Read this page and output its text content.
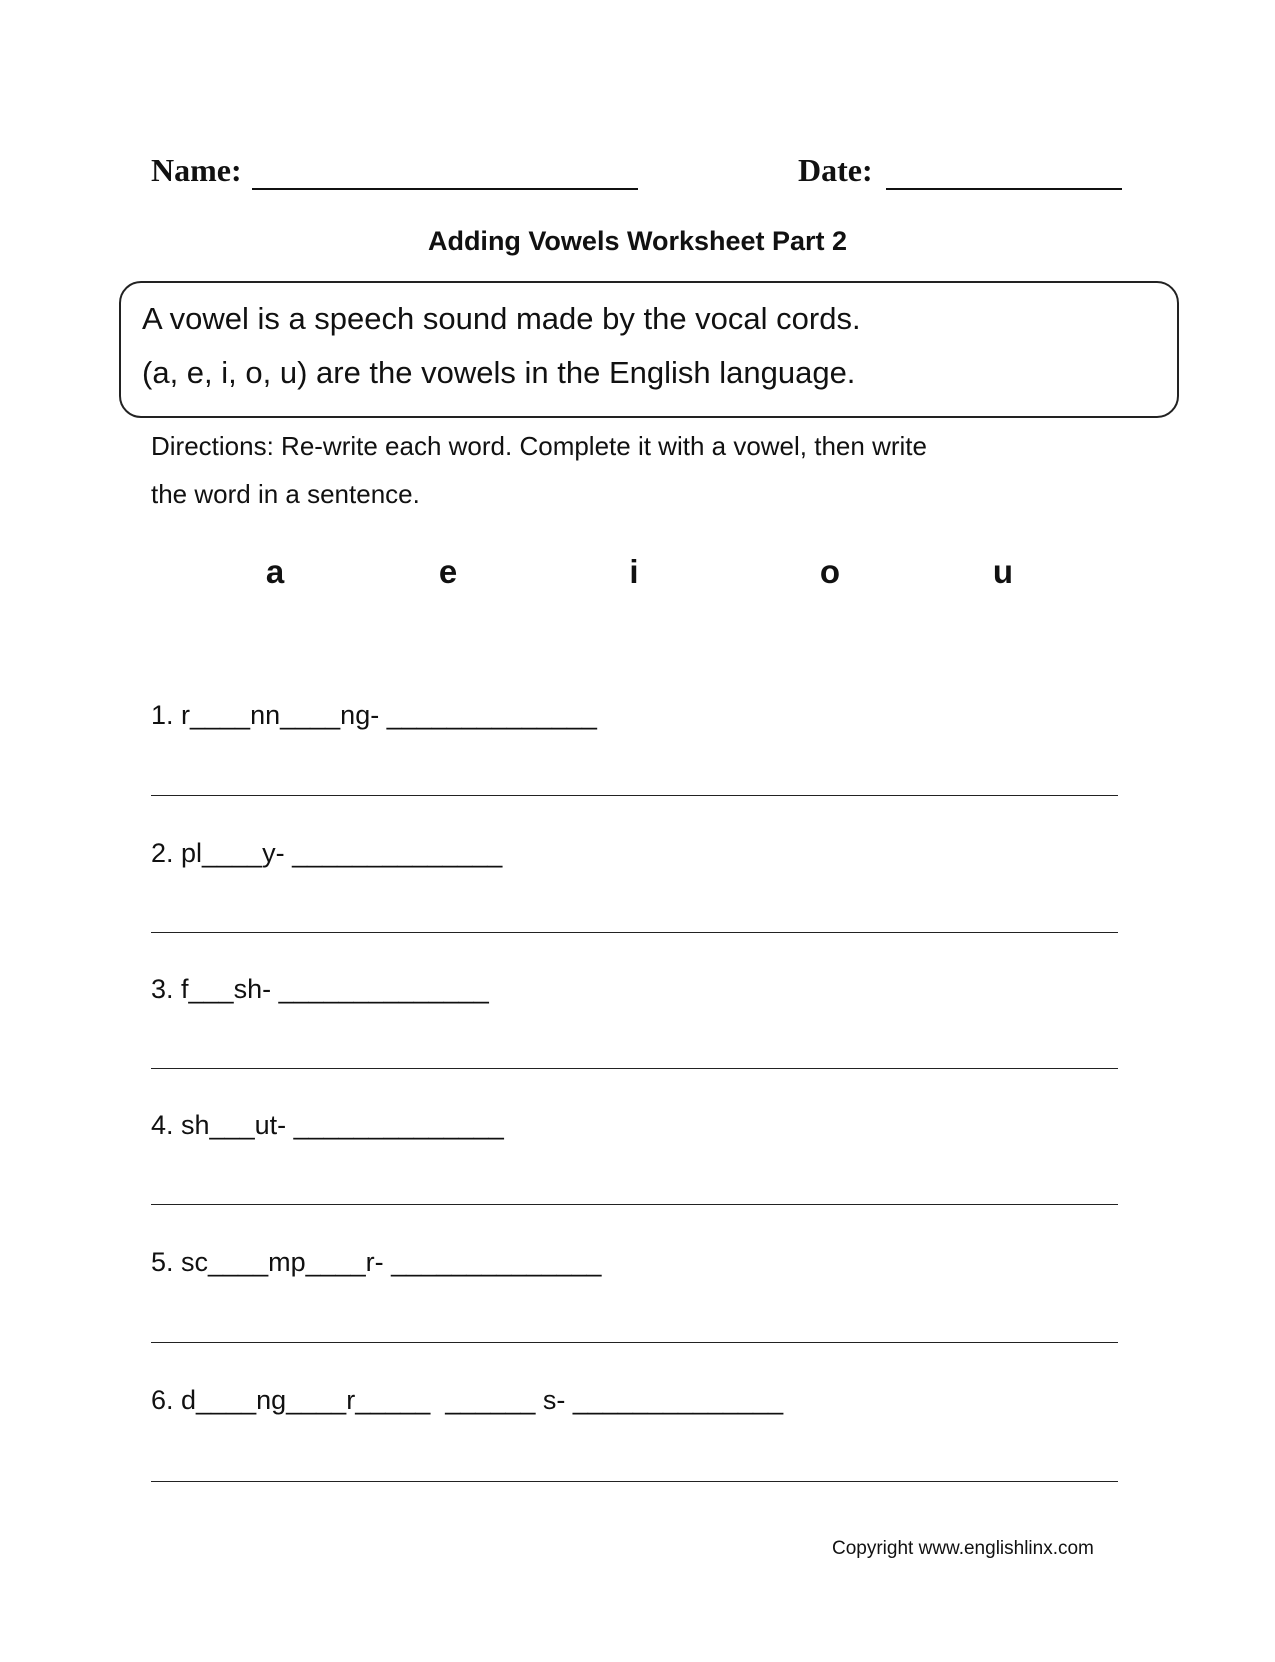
Name:	Date:
Adding Vowels Worksheet Part 2
A vowel is a speech sound made by the vocal cords.
(a, e, i, o, u) are the vowels in the English language.
Directions: Re-write each word. Complete it with a vowel, then write
the word in a sentence.
a	e	i	o	u
1. r____nn____ng- ______________
2. pl____y- ______________
3. f___sh- ______________
4. sh___ut- ______________
5. sc____mp____r- ______________
6. d____ng____r_____  ______ s- ______________
Copyright www.englishlinx.com
